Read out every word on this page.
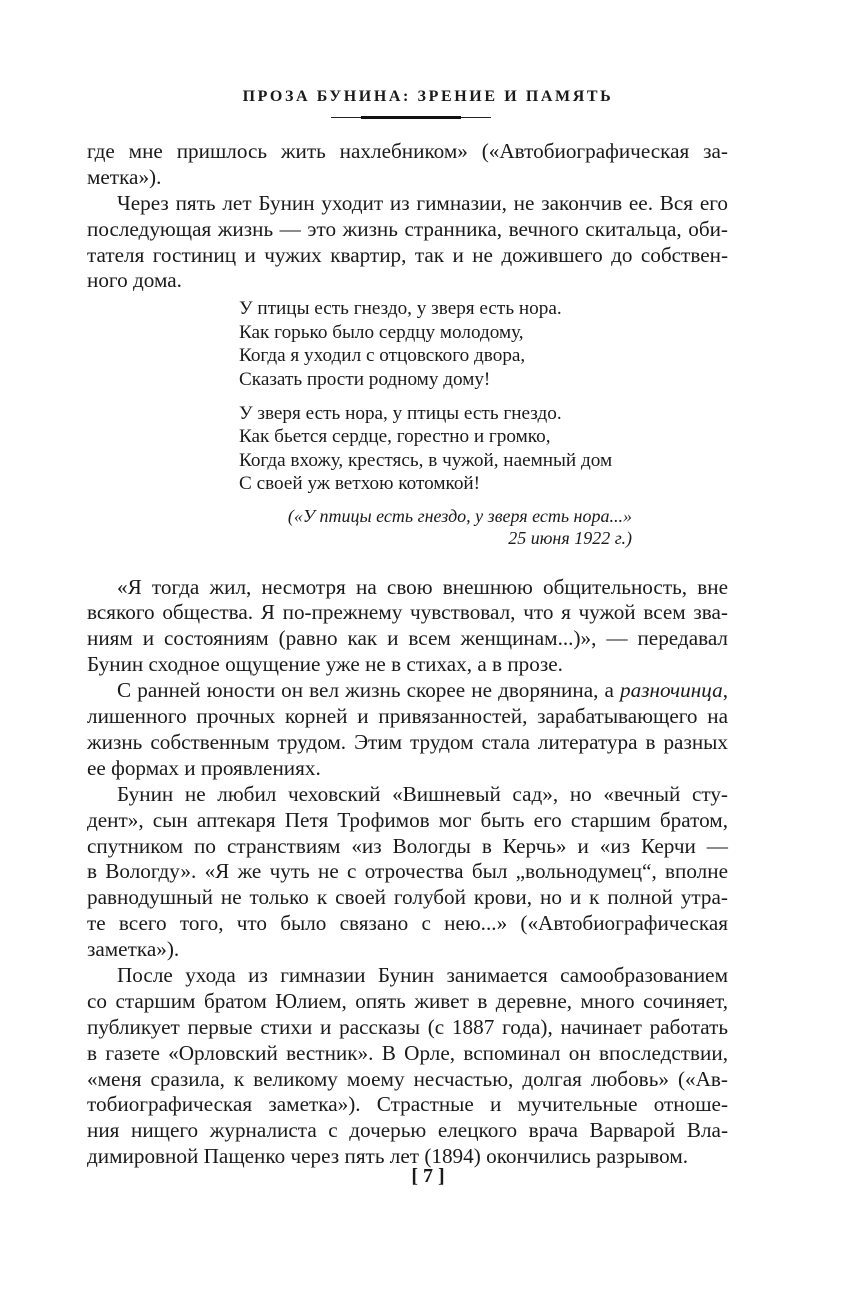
ПРОЗА БУНИНА: ЗРЕНИЕ И ПАМЯТЬ
где мне пришлось жить нахлебником» («Автобиографическая за-
метка»).
Через пять лет Бунин уходит из гимназии, не закончив ее. Вся его
последующая жизнь — это жизнь странника, вечного скитальца, оби-
тателя гостиниц и чужих квартир, так и не дожившего до собствен-
ного дома.
У птицы есть гнездо, у зверя есть нора.
Как горько было сердцу молодому,
Когда я уходил с отцовского двора,
Сказать прости родному дому!
У зверя есть нора, у птицы есть гнездо.
Как бьется сердце, горестно и громко,
Когда вхожу, крестясь, в чужой, наемный дом
С своей уж ветхою котомкой!
(«У птицы есть гнездо, у зверя есть нора...»
25 июня 1922 г.)
«Я тогда жил, несмотря на свою внешнюю общительность, вне
всякого общества. Я по-прежнему чувствовал, что я чужой всем зва-
ниям и состояниям (равно как и всем женщинам...)», — передавал
Бунин сходное ощущение уже не в стихах, а в прозе.
С ранней юности он вел жизнь скорее не дворянина, а разночинца,
лишенного прочных корней и привязанностей, зарабатывающего на
жизнь собственным трудом. Этим трудом стала литература в разных
ее формах и проявлениях.
Бунин не любил чеховский «Вишневый сад», но «вечный сту-
дент», сын аптекаря Петя Трофимов мог быть его старшим братом,
спутником по странствиям «из Вологды в Керчь» и «из Керчи —
в Вологду». «Я же чуть не с отрочества был „вольнодумец“, вполне
равнодушный не только к своей голубой крови, но и к полной утра-
те всего того, что было связано с нею...» («Автобиографическая
заметка»).
После ухода из гимназии Бунин занимается самообразованием
со старшим братом Юлием, опять живет в деревне, много сочиняет,
публикует первые стихи и рассказы (с 1887 года), начинает работать
в газете «Орловский вестник». В Орле, вспоминал он впоследствии,
«меня сразила, к великому моему несчастью, долгая любовь» («Ав-
тобиографическая заметка»). Страстные и мучительные отноше-
ния нищего журналиста с дочерью елецкого врача Варварой Вла-
димировной Пащенко через пять лет (1894) окончились разрывом.
[ 7 ]
